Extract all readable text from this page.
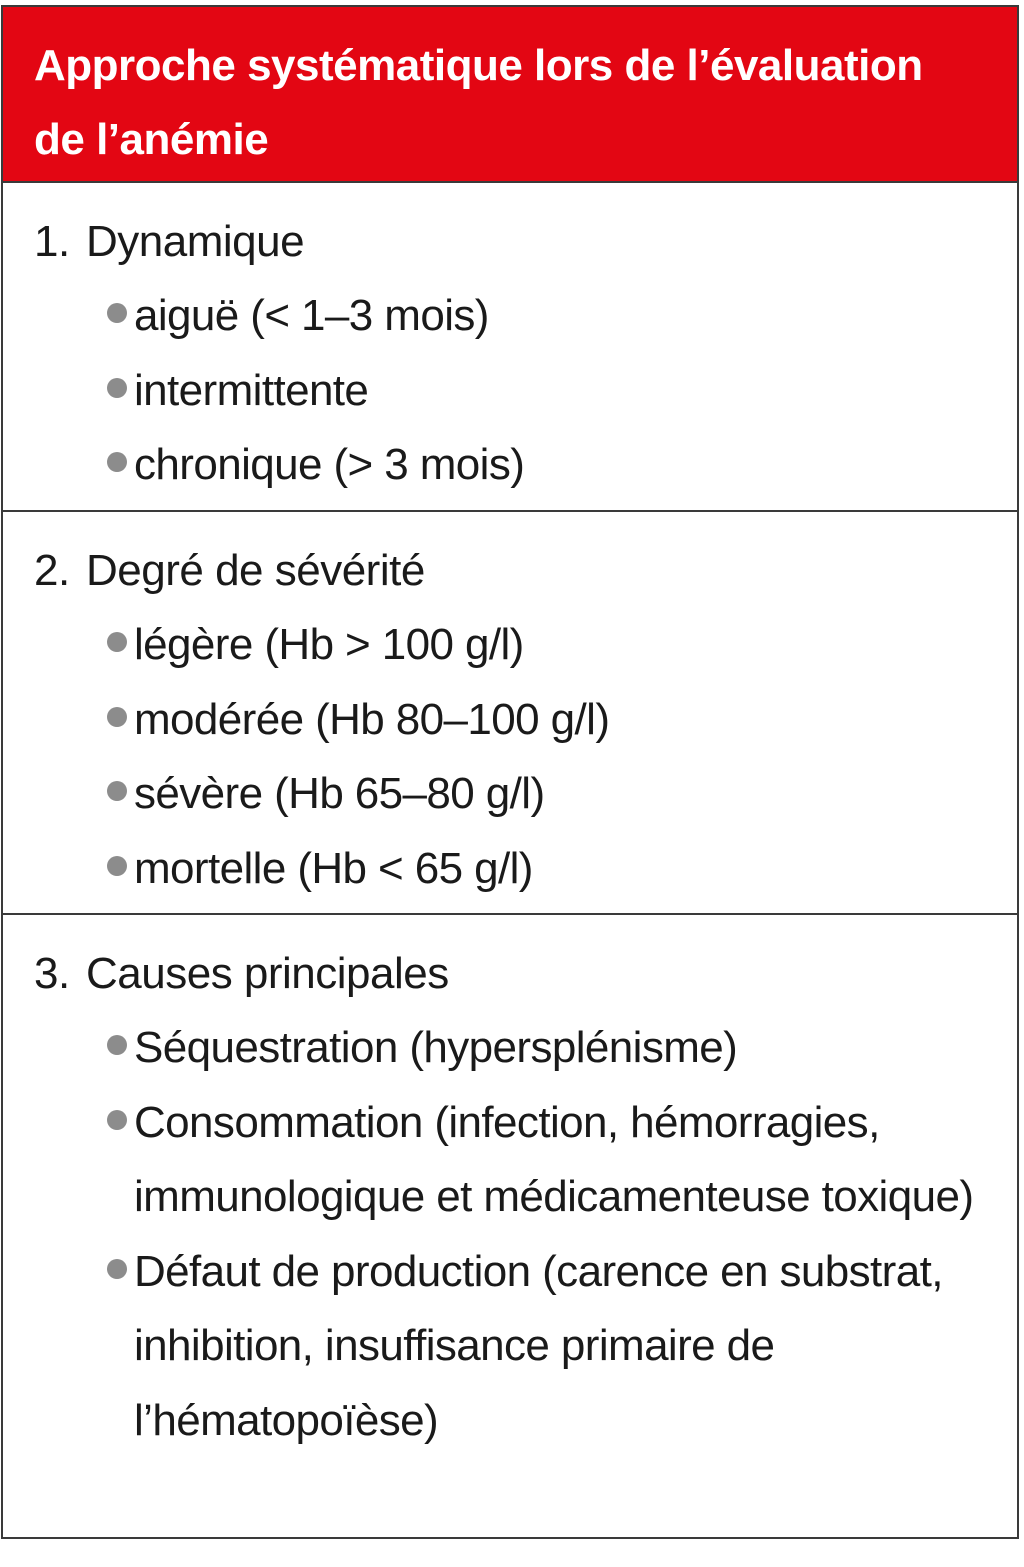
Approche systématique lors de l’évaluation de l’anémie
1. Dynamique
aiguë (< 1–3 mois)
intermittente
chronique (> 3 mois)
2. Degré de sévérité
légère (Hb > 100 g/l)
modérée (Hb 80–100 g/l)
sévère (Hb 65–80 g/l)
mortelle (Hb < 65 g/l)
3. Causes principales
Séquestration (hypersplénisme)
Consommation (infection, hémorragies, immunologique et médicamenteuse toxique)
Défaut de production (carence en substrat, inhibition, insuffisance primaire de l’hématopoïèse)
